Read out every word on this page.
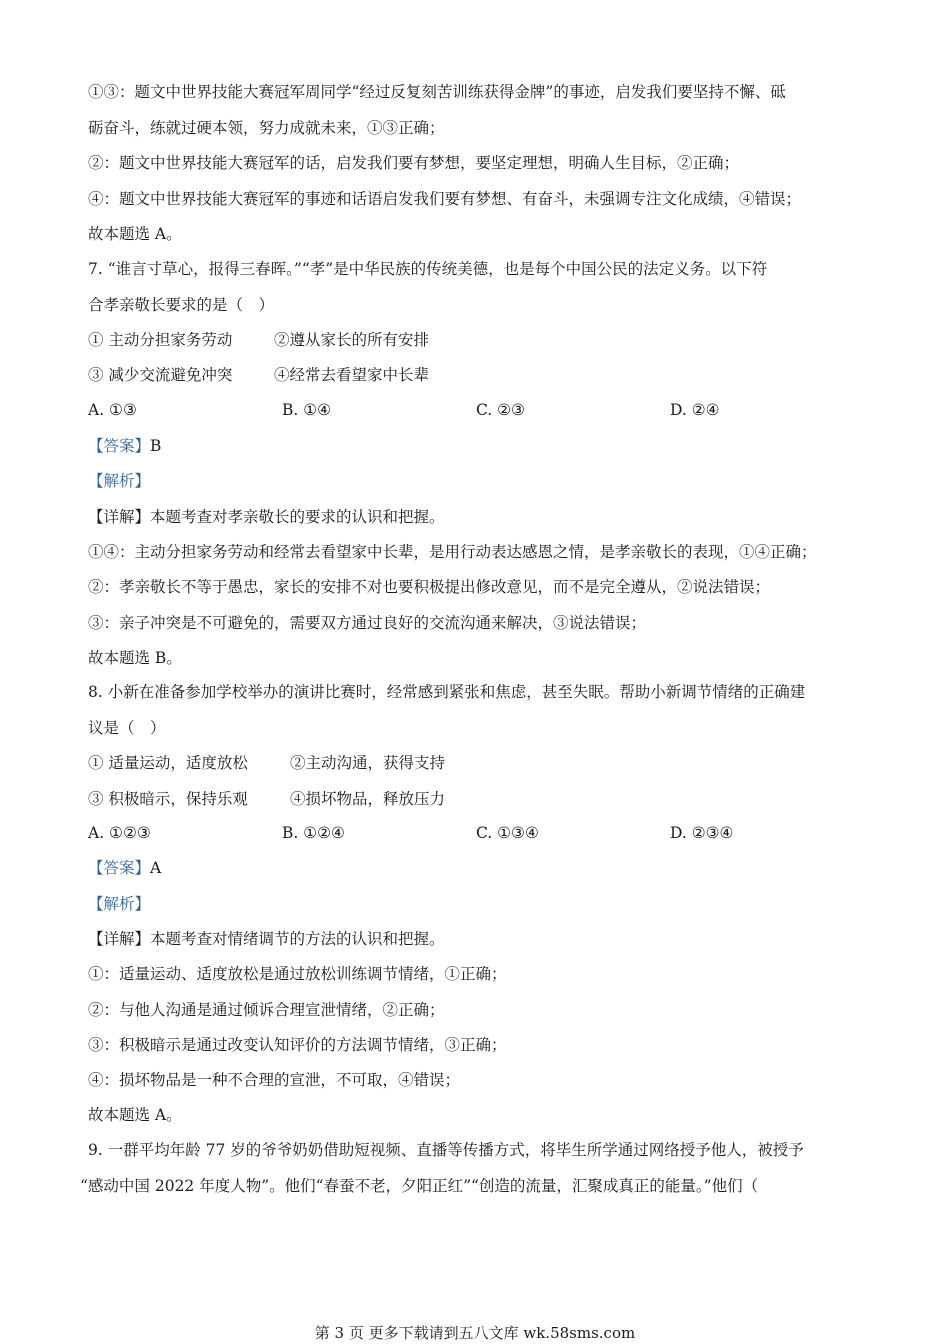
①③：题文中世界技能大赛冠军周同学“经过反复刻苦训练获得金牌”的事迹，启发我们要坚持不懈、砥
砺奋斗，练就过硬本领，努力成就未来，①③正确；
②：题文中世界技能大赛冠军的话，启发我们要有梦想，要坚定理想，明确人生目标，②正确；
④：题文中世界技能大赛冠军的事迹和话语启发我们要有梦想、有奋斗，未强调专注文化成绩，④错误；
故本题选 A。
7. “谁言寸草心，报得三春晖。”“孝”是中华民族的传统美德，也是每个中国公民的法定义务。以下符
合孝亲敬长要求的是（　）
① 主动分担家务劳动	②遵从家长的所有安排
③ 减少交流避免冲突	④经常去看望家中长辈
A. ①③	B. ①④	C. ②③	D. ②④
【答案】B
【解析】
【详解】本题考查对孝亲敬长的要求的认识和把握。
①④：主动分担家务劳动和经常去看望家中长辈，是用行动表达感恩之情，是孝亲敬长的表现，①④正确；
②：孝亲敬长不等于愚忠，家长的安排不对也要积极提出修改意见，而不是完全遵从，②说法错误；
③：亲子冲突是不可避免的，需要双方通过良好的交流沟通来解决，③说法错误；
故本题选 B。
8. 小新在准备参加学校举办的演讲比赛时，经常感到紧张和焦虑，甚至失眠。帮助小新调节情绪的正确建
议是（　）
① 适量运动，适度放松	②主动沟通，获得支持
③ 积极暗示，保持乐观	④损坏物品，释放压力
A. ①②③	B. ①②④	C. ①③④	D. ②③④
【答案】A
【解析】
【详解】本题考查对情绪调节的方法的认识和把握。
①：适量运动、适度放松是通过放松训练调节情绪，①正确；
②：与他人沟通是通过倾诉合理宣泄情绪，②正确；
③：积极暗示是通过改变认知评价的方法调节情绪，③正确；
④：损坏物品是一种不合理的宣泄，不可取，④错误；
故本题选 A。
9. 一群平均年龄 77 岁的爷爷奶奶借助短视频、直播等传播方式，将毕生所学通过网络授予他人，被授予
“感动中国 2022 年度人物”。他们“春蚕不老，夕阳正红”“创造的流量，汇聚成真正的能量。”他们（
第 3 页 更多下载请到五八文库 wk.58sms.com
